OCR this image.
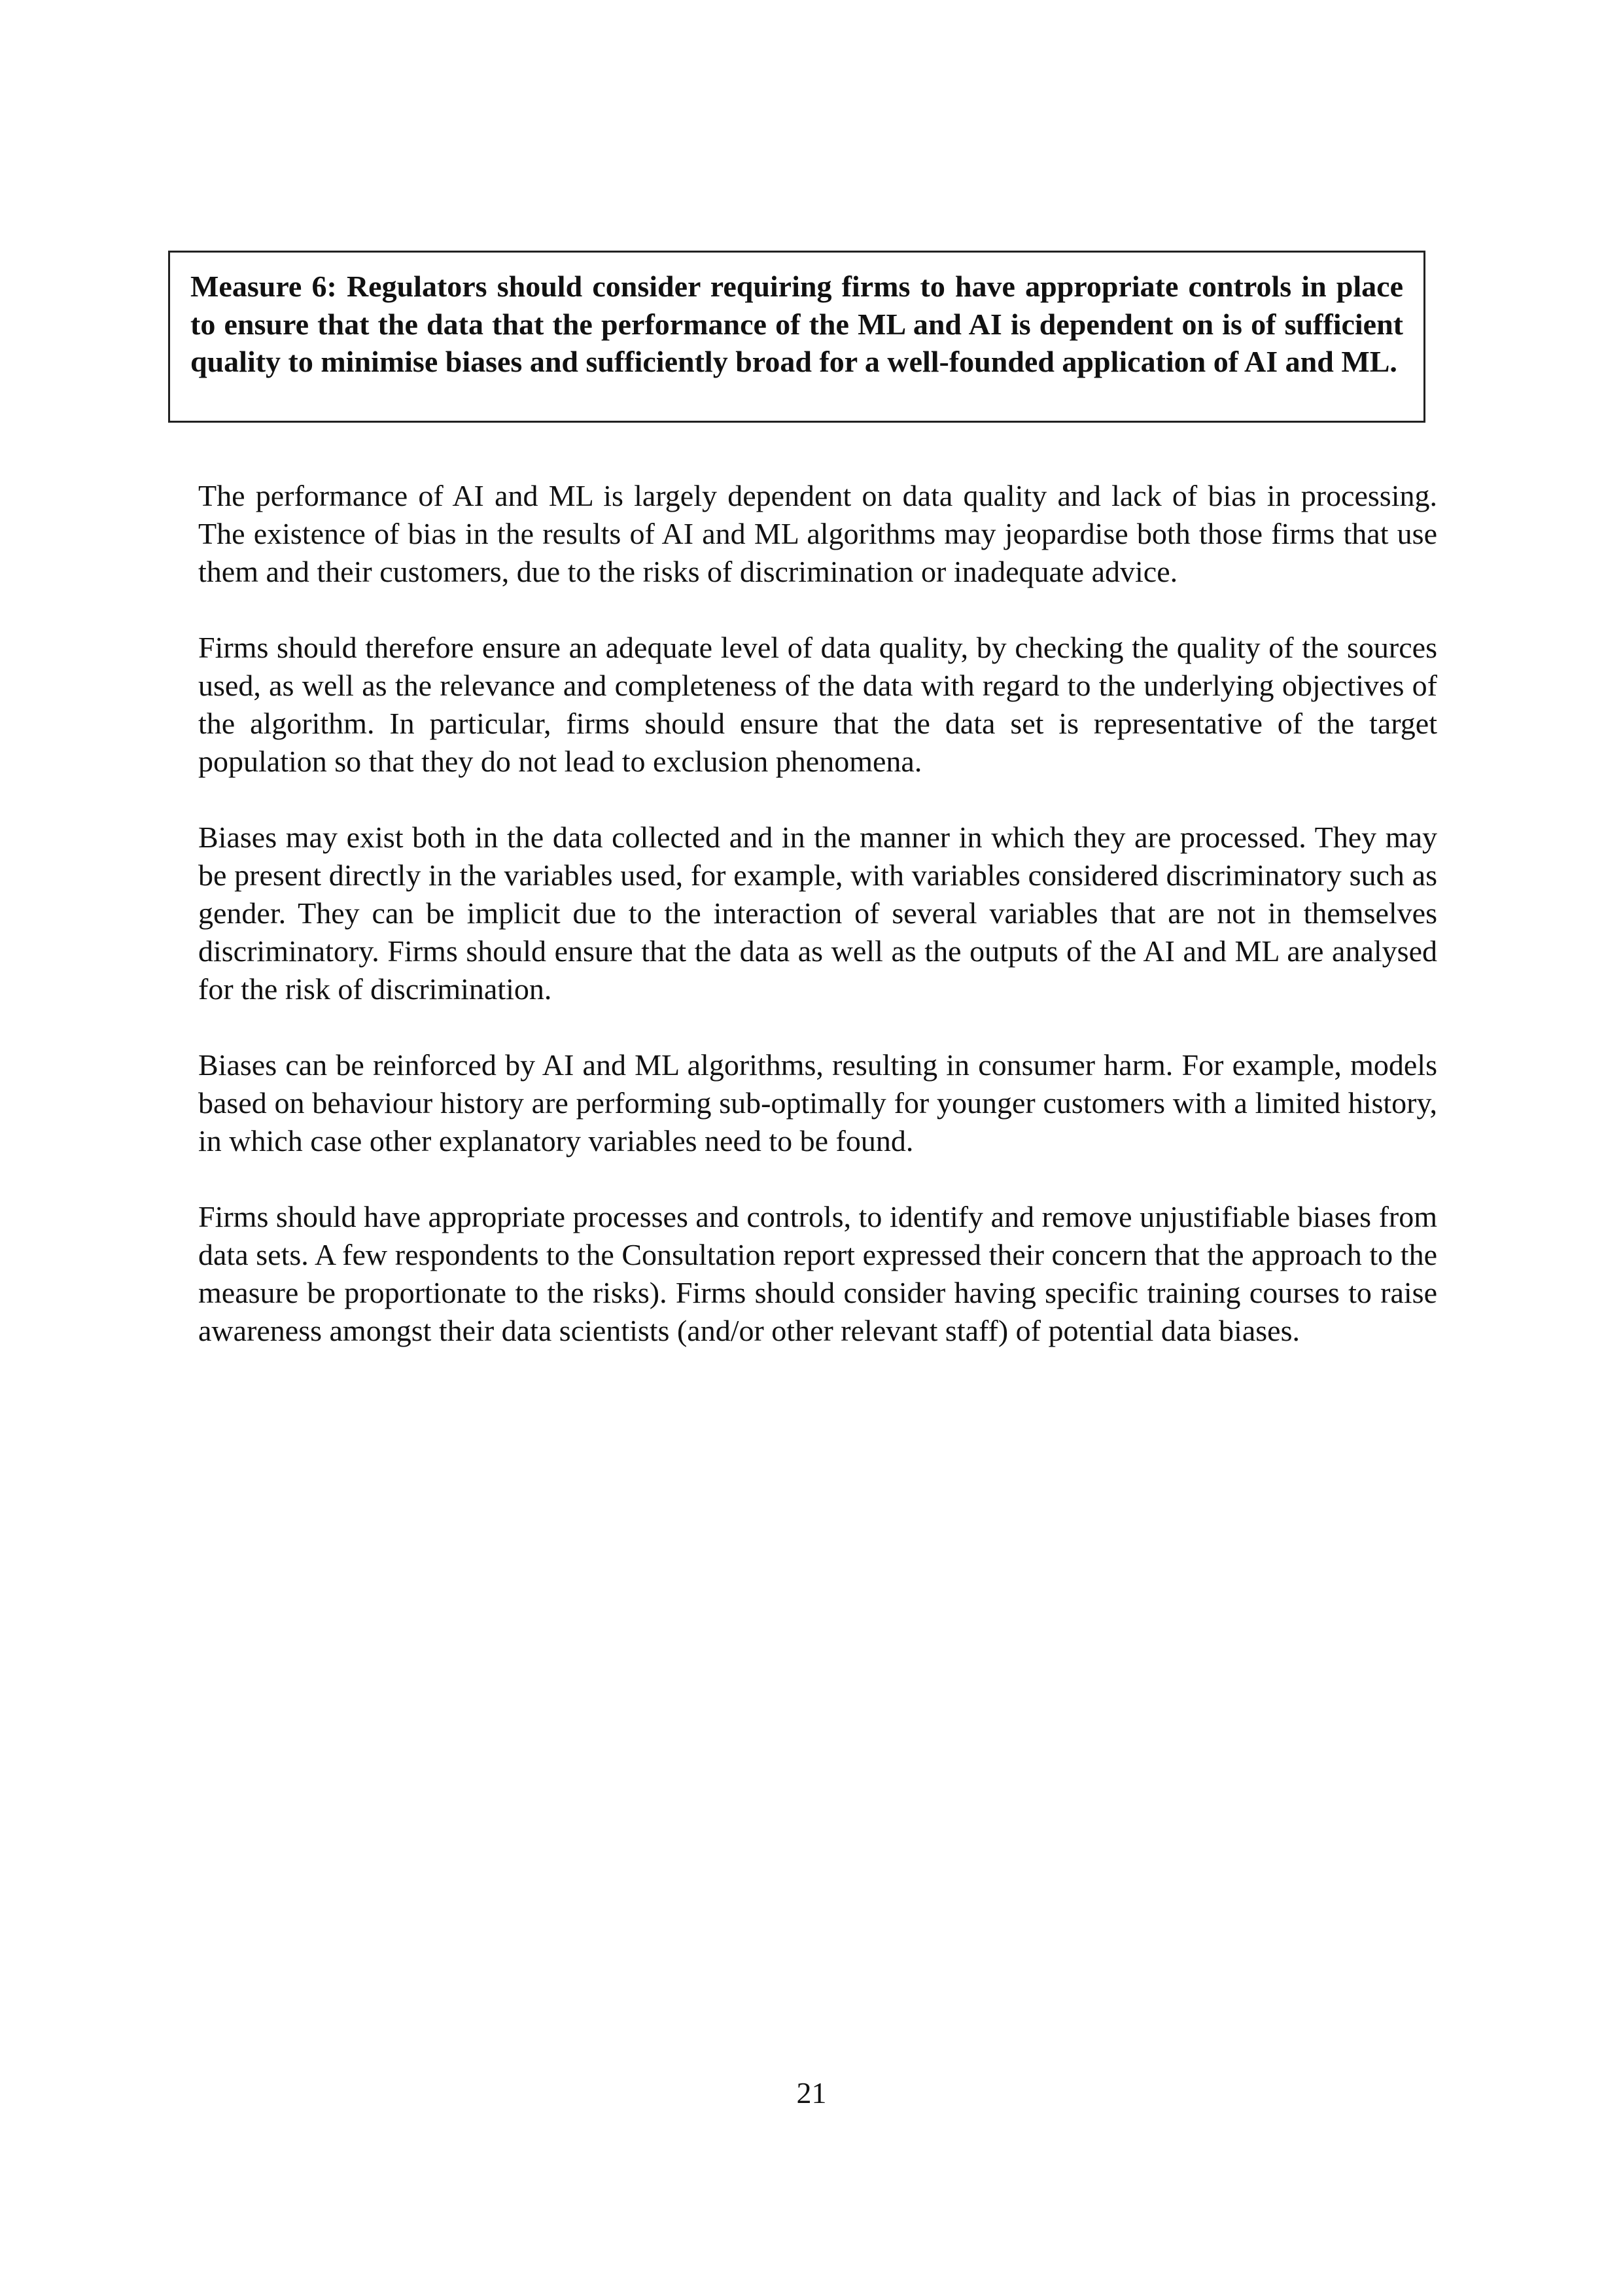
Measure 6: Regulators should consider requiring firms to have appropriate controls in place to ensure that the data that the performance of the ML and AI is dependent on is of sufficient quality to minimise biases and sufficiently broad for a well-founded application of AI and ML.

The performance of AI and ML is largely dependent on data quality and lack of bias in processing. The existence of bias in the results of AI and ML algorithms may jeopardise both those firms that use them and their customers, due to the risks of discrimination or inadequate advice.

Firms should therefore ensure an adequate level of data quality, by checking the quality of the sources used, as well as the relevance and completeness of the data with regard to the underlying objectives of the algorithm. In particular, firms should ensure that the data set is representative of the target population so that they do not lead to exclusion phenomena.

Biases may exist both in the data collected and in the manner in which they are processed. They may be present directly in the variables used, for example, with variables considered discriminatory such as gender. They can be implicit due to the interaction of several variables that are not in themselves discriminatory. Firms should ensure that the data as well as the outputs of the AI and ML are analysed for the risk of discrimination.

Biases can be reinforced by AI and ML algorithms, resulting in consumer harm. For example, models based on behaviour history are performing sub-optimally for younger customers with a limited history, in which case other explanatory variables need to be found.

Firms should have appropriate processes and controls, to identify and remove unjustifiable biases from data sets. A few respondents to the Consultation report expressed their concern that the approach to the measure be proportionate to the risks). Firms should consider having specific training courses to raise awareness amongst their data scientists (and/or other relevant staff) of potential data biases.

21
